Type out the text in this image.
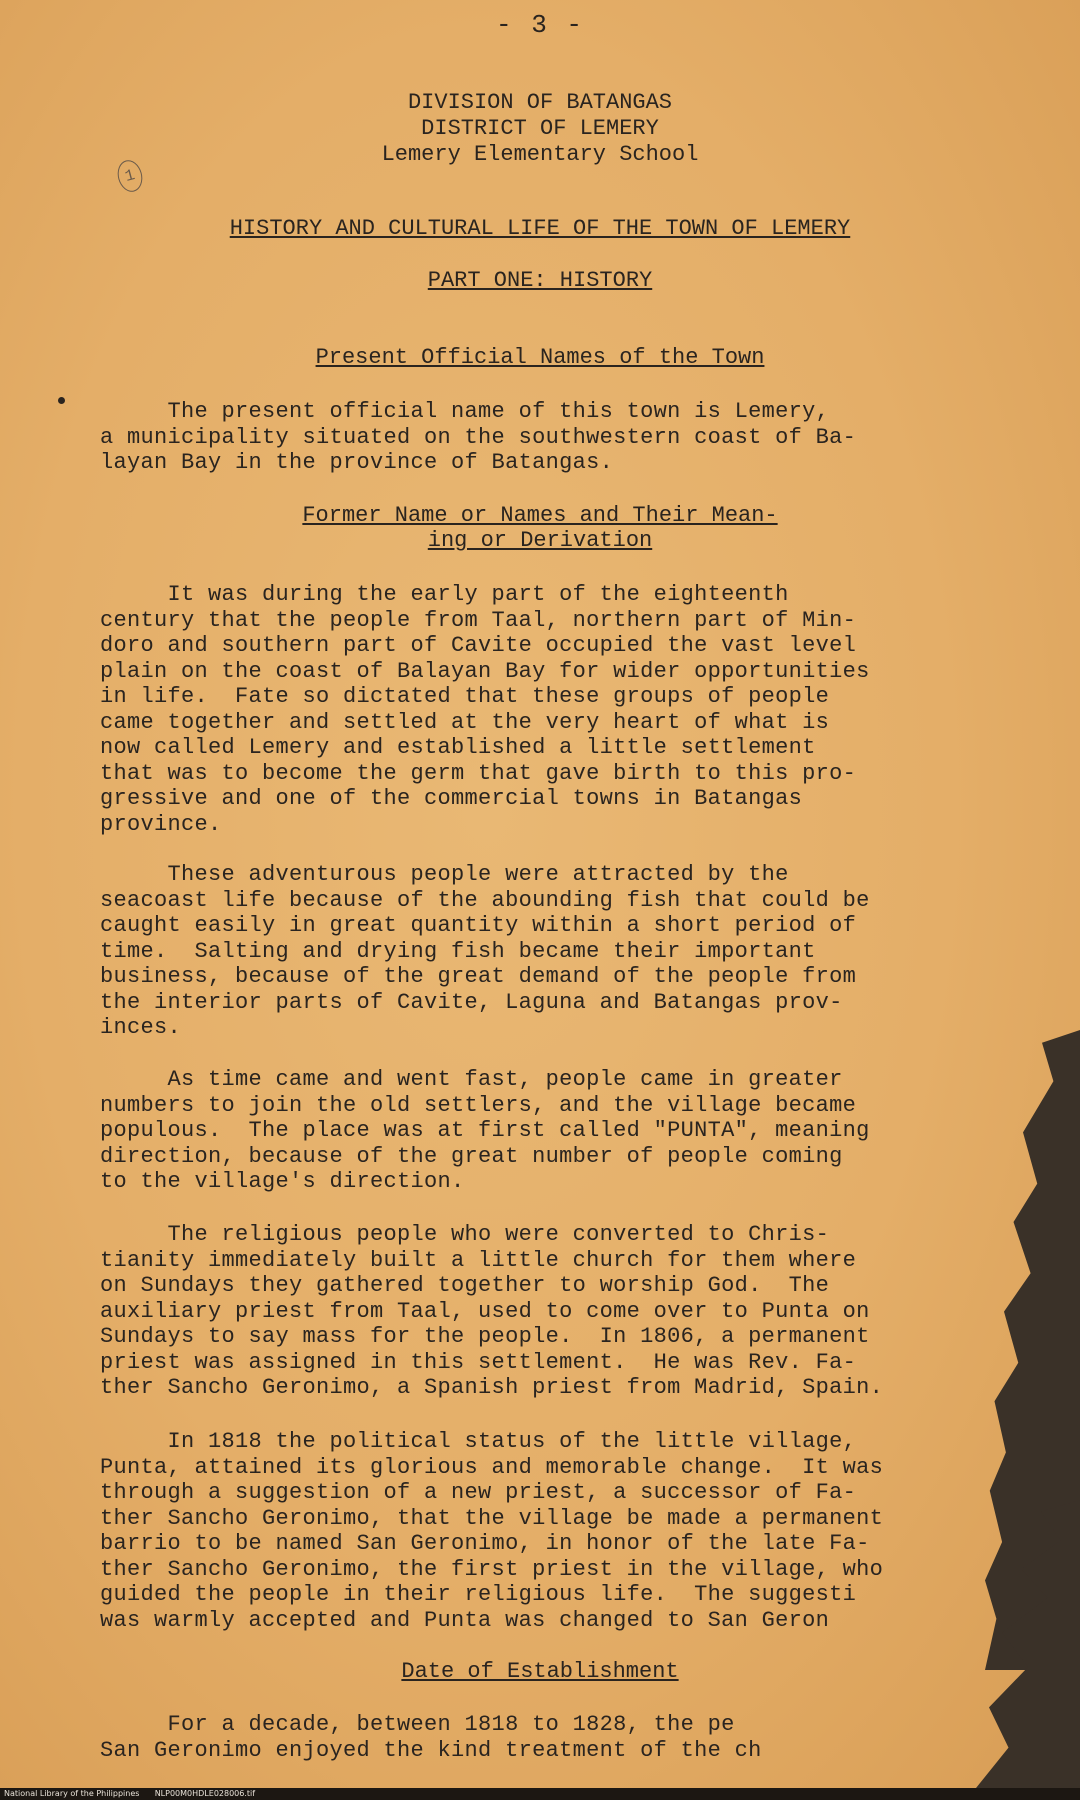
- 3 -
1
DIVISION OF BATANGAS
DISTRICT OF LEMERY
Lemery Elementary School
HISTORY AND CULTURAL LIFE OF THE TOWN OF LEMERY
PART ONE: HISTORY
Present Official Names of the Town
The present official name of this town is Lemery,
a municipality situated on the southwestern coast of Ba-
layan Bay in the province of Batangas.
Former Name or Names and Their Mean-
ing or Derivation
It was during the early part of the eighteenth
century that the people from Taal, northern part of Min-
doro and southern part of Cavite occupied the vast level
plain on the coast of Balayan Bay for wider opportunities
in life.  Fate so dictated that these groups of people
came together and settled at the very heart of what is
now called Lemery and established a little settlement
that was to become the germ that gave birth to this pro-
gressive and one of the commercial towns in Batangas
province.
These adventurous people were attracted by the
seacoast life because of the abounding fish that could be
caught easily in great quantity within a short period of
time.  Salting and drying fish became their important
business, because of the great demand of the people from
the interior parts of Cavite, Laguna and Batangas prov-
inces.
As time came and went fast, people came in greater
numbers to join the old settlers, and the village became
populous.  The place was at first called "PUNTA", meaning
direction, because of the great number of people coming
to the village's direction.
The religious people who were converted to Chris-
tianity immediately built a little church for them where
on Sundays they gathered together to worship God.  The
auxiliary priest from Taal, used to come over to Punta on
Sundays to say mass for the people.  In 1806, a permanent
priest was assigned in this settlement.  He was Rev. Fa-
ther Sancho Geronimo, a Spanish priest from Madrid, Spain.
In 1818 the political status of the little village,
Punta, attained its glorious and memorable change.  It was
through a suggestion of a new priest, a successor of Fa-
ther Sancho Geronimo, that the village be made a permanent
barrio to be named San Geronimo, in honor of the late Fa-
ther Sancho Geronimo, the first priest in the village, who
guided the people in their religious life.  The suggesti
was warmly accepted and Punta was changed to San Geron
Date of Establishment
For a decade, between 1818 to 1828, the pe
San Geronimo enjoyed the kind treatment of the ch
National Library of the Philippines NLP00M0HDLE028006.tif
